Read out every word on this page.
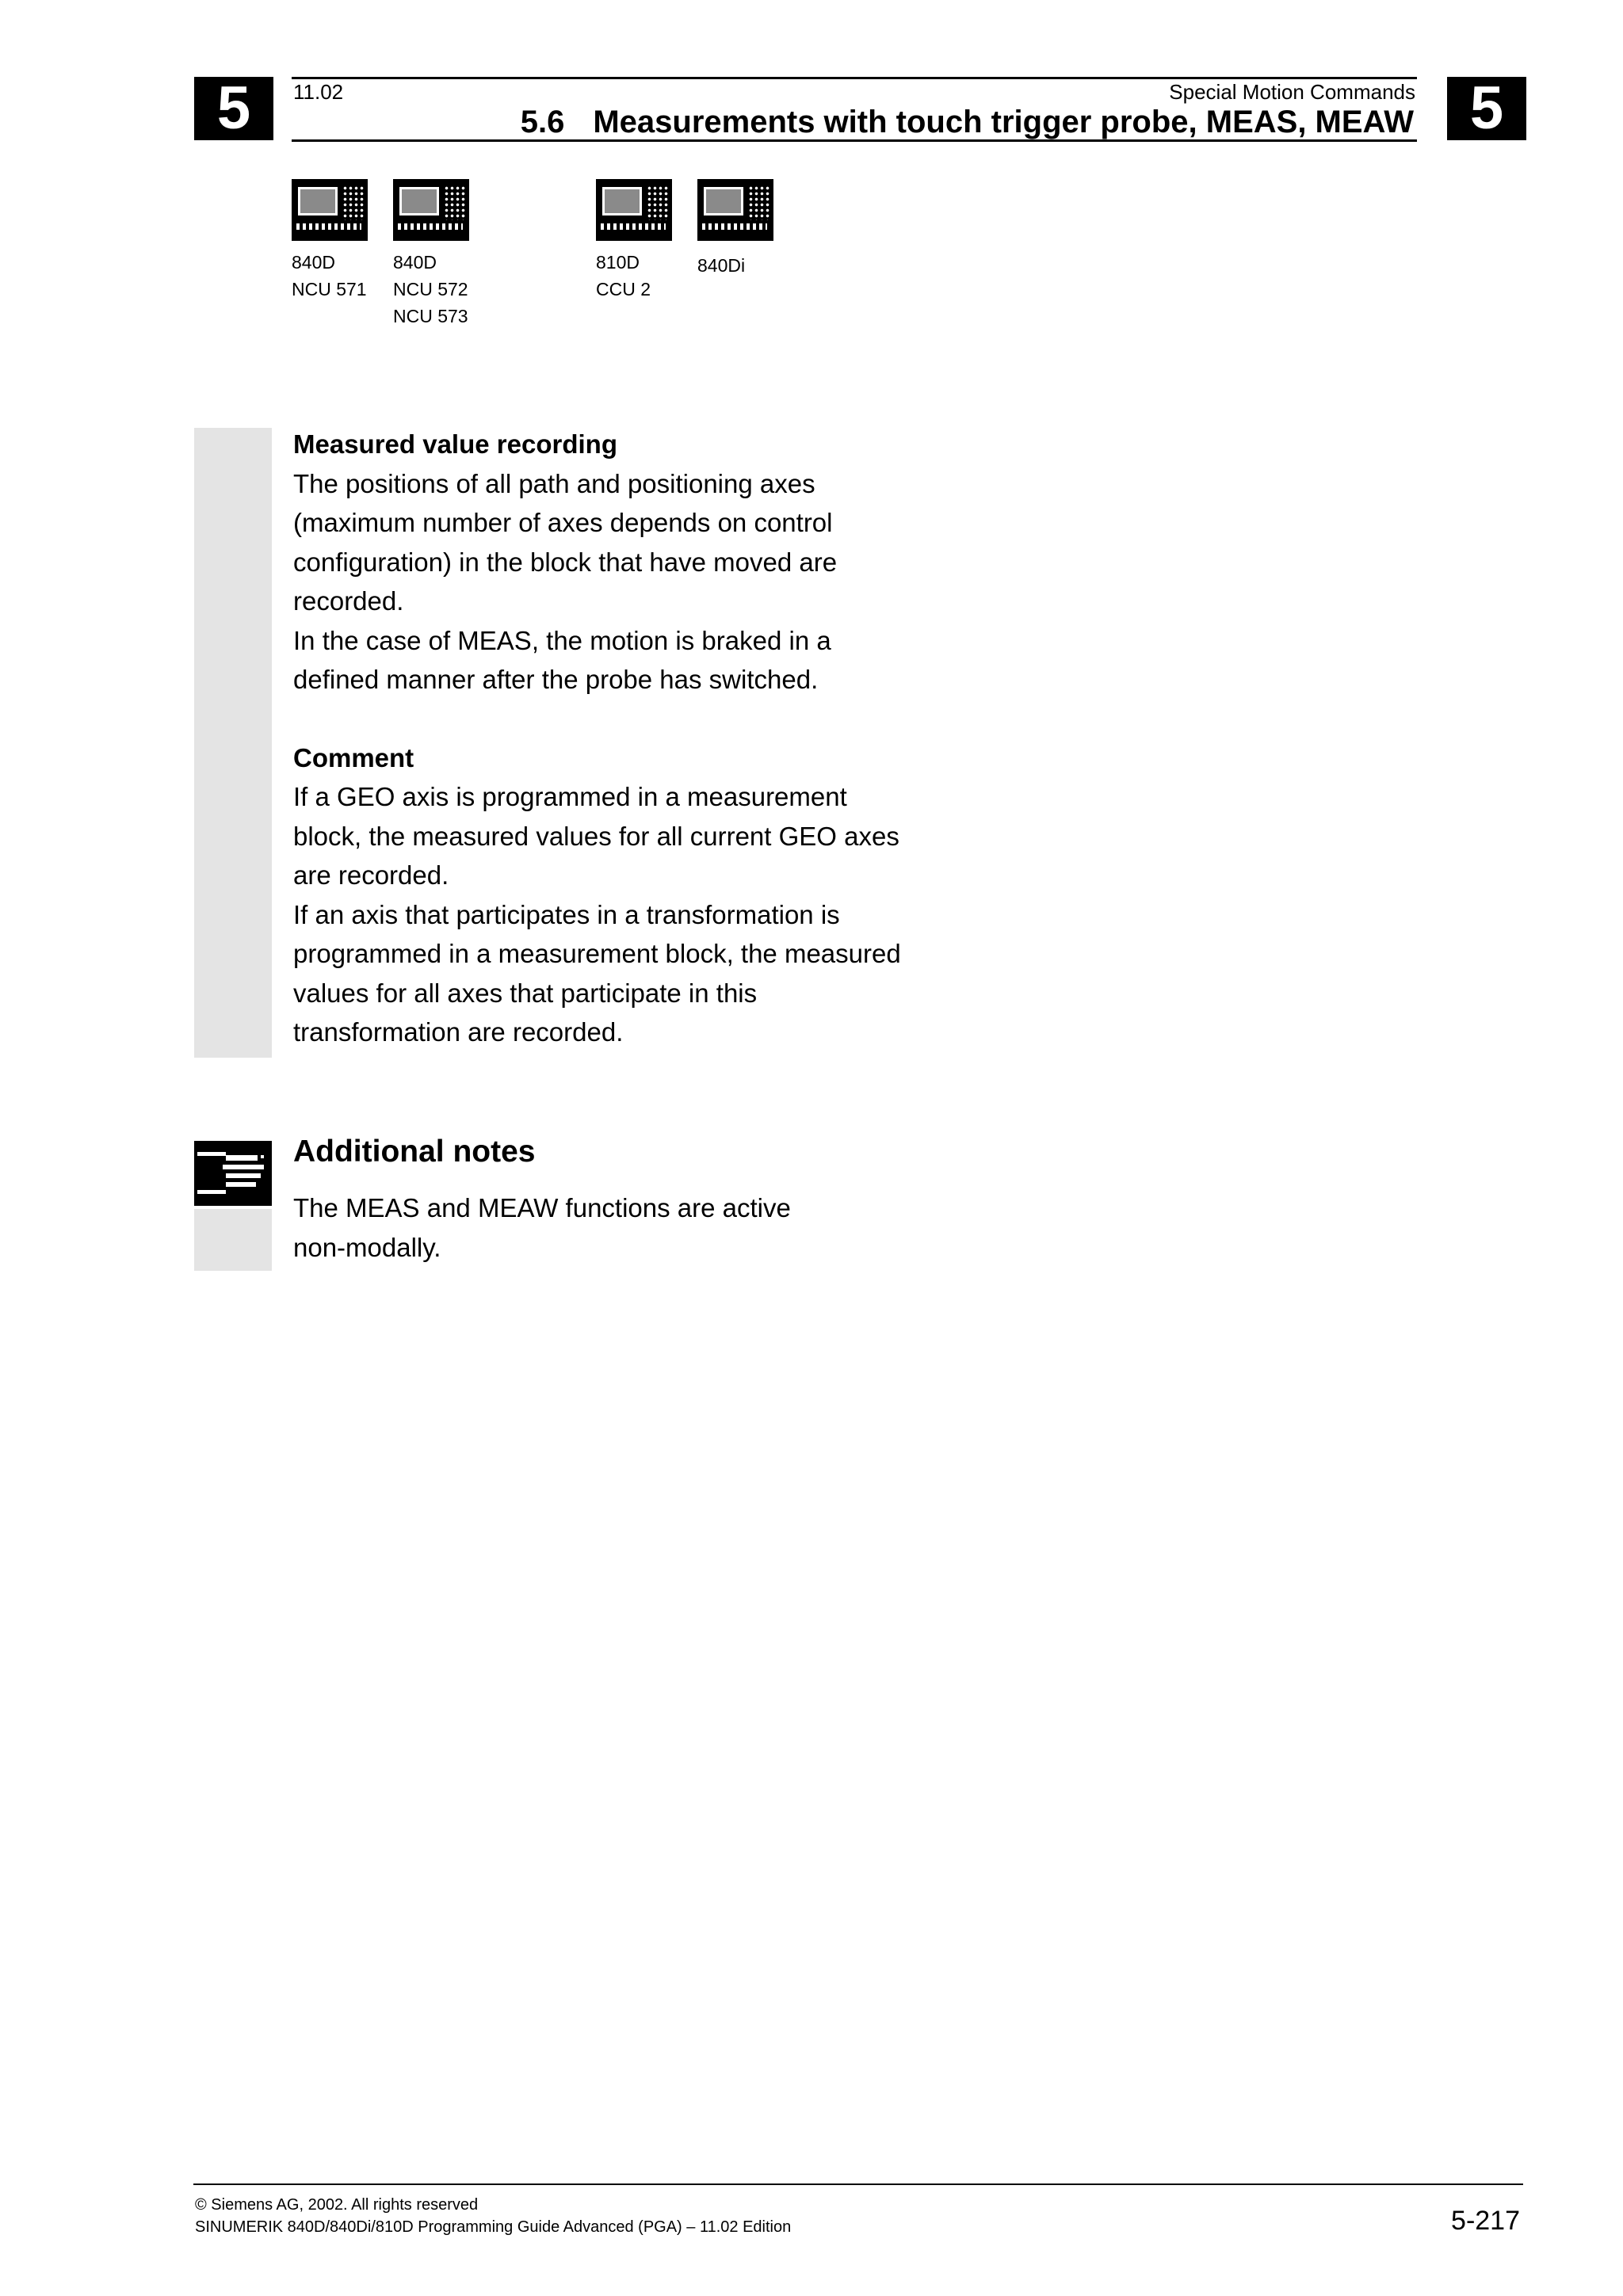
5	5
11.02	Special Motion Commands
5.6 Measurements with touch trigger probe, MEAS, MEAW
840D
NCU 571
840D
NCU 572
NCU 573
810D
CCU 2
840Di
Measured value recording
The positions of all path and positioning axes
(maximum number of axes depends on control
configuration) in the block that have moved are
recorded.
In the case of MEAS, the motion is braked in a
defined manner after the probe has switched.
Comment
If a GEO axis is programmed in a measurement
block, the measured values for all current GEO axes
are recorded.
If an axis that participates in a transformation is
programmed in a measurement block, the measured
values for all axes that participate in this
transformation are recorded.
Additional notes
The MEAS and MEAW functions are active
non-modally.
© Siemens AG, 2002. All rights reserved
SINUMERIK 840D/840Di/810D Programming Guide Advanced (PGA) – 11.02 Edition	5-217
